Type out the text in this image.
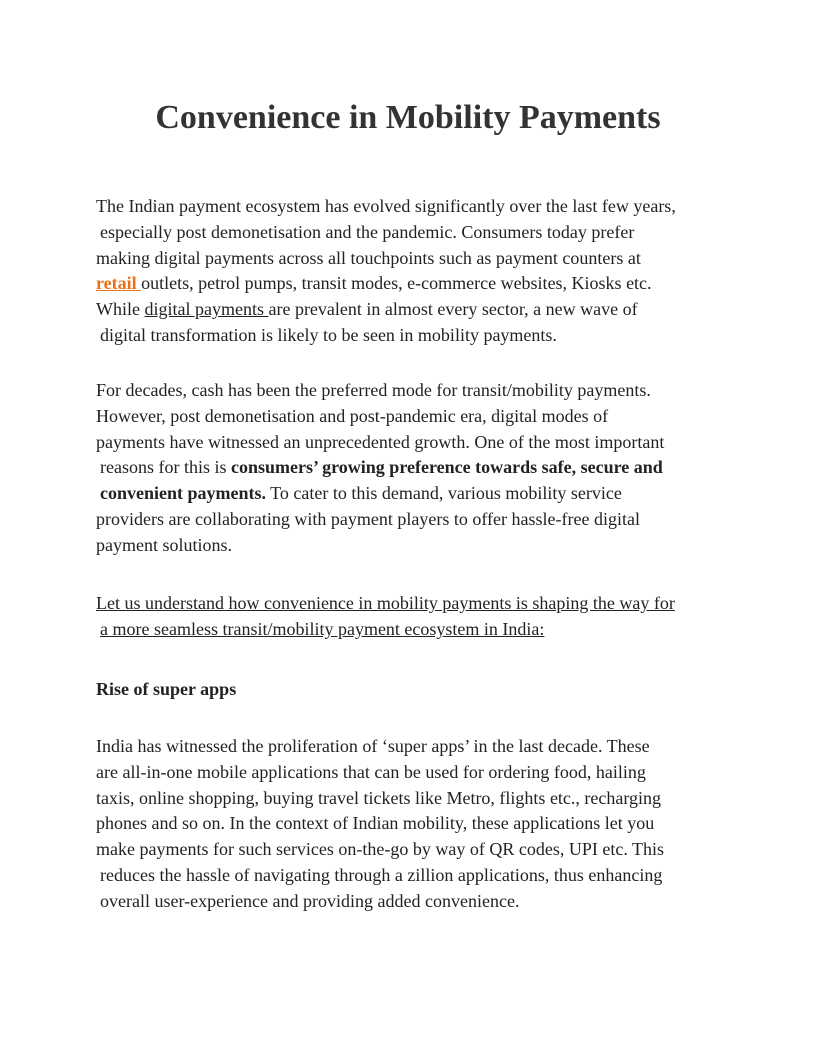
Convenience in Mobility Payments

The Indian payment ecosystem has evolved significantly over the last few years,
especially post demonetisation and the pandemic. Consumers today prefer
making digital payments across all touchpoints such as payment counters at
retail outlets, petrol pumps, transit modes, e-commerce websites, Kiosks etc.
While digital payments are prevalent in almost every sector, a new wave of
digital transformation is likely to be seen in mobility payments.

For decades, cash has been the preferred mode for transit/mobility payments.
However, post demonetisation and post-pandemic era, digital modes of
payments have witnessed an unprecedented growth. One of the most important
reasons for this is consumers’ growing preference towards safe, secure and
convenient payments. To cater to this demand, various mobility service
providers are collaborating with payment players to offer hassle-free digital
payment solutions.

Let us understand how convenience in mobility payments is shaping the way for
a more seamless transit/mobility payment ecosystem in India:

Rise of super apps

India has witnessed the proliferation of ‘super apps’ in the last decade. These
are all-in-one mobile applications that can be used for ordering food, hailing
taxis, online shopping, buying travel tickets like Metro, flights etc., recharging
phones and so on. In the context of Indian mobility, these applications let you
make payments for such services on-the-go by way of QR codes, UPI etc. This
reduces the hassle of navigating through a zillion applications, thus enhancing
overall user-experience and providing added convenience.
